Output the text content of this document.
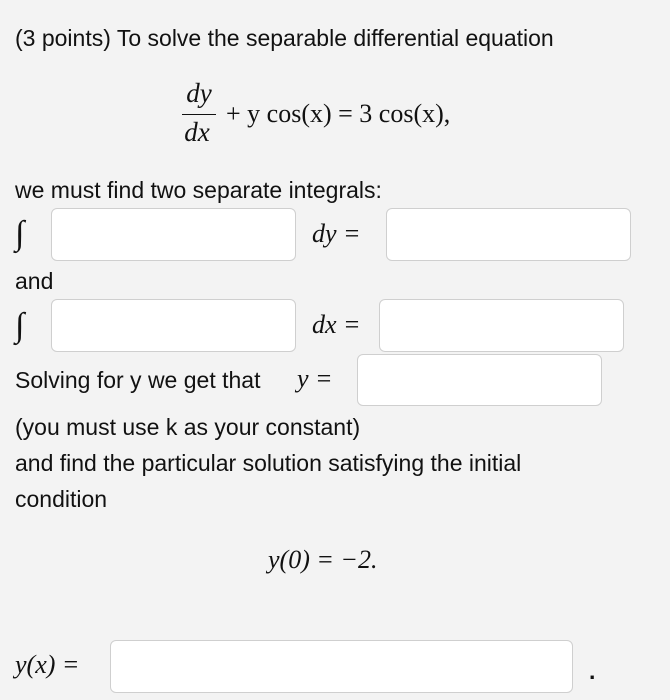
(3 points) To solve the separable differential equation
dy
dx
+ y cos(x) = 3 cos(x),
we must find two separate integrals:
∫	dy =
and
∫	dx =
Solving for y we get that y =
(you must use k as your constant)
and find the particular solution satisfying the initial
condition
y(0) = −2.
y(x) =	.
